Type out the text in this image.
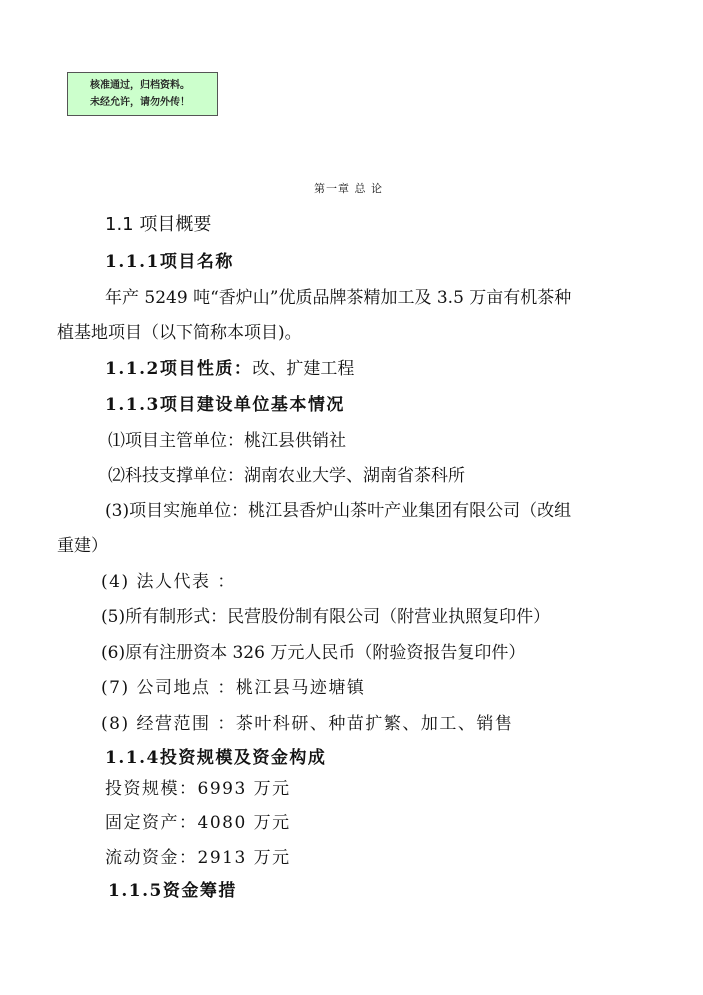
核准通过，归档资料。
未经允许，请勿外传！
第一章 总 论
1.1 项目概要
1.1.1项目名称
年产 5249 吨“香炉山”优质品牌茶精加工及 3.5 万亩有机茶种
植基地项目（以下简称本项目)。
1.1.2项目性质：改、扩建工程
1.1.3项目建设单位基本情况
⑴项目主管单位：桃江县供销社
⑵科技支撑单位：湖南农业大学、湖南省茶科所
(3)项目实施单位：桃江县香炉山茶叶产业集团有限公司（改组
重建）
(4) 法人代表 ：
(5)所有制形式：民营股份制有限公司（附营业执照复印件）
(6)原有注册资本 326 万元人民币（附验资报告复印件）
(7) 公司地点 ：桃江县马迹塘镇
(8) 经营范围 ：茶叶科研、种苗扩繁、加工、销售
1.1.4投资规模及资金构成
投资规模：6993 万元
固定资产：4080 万元
流动资金：2913 万元
1.1.5资金筹措
